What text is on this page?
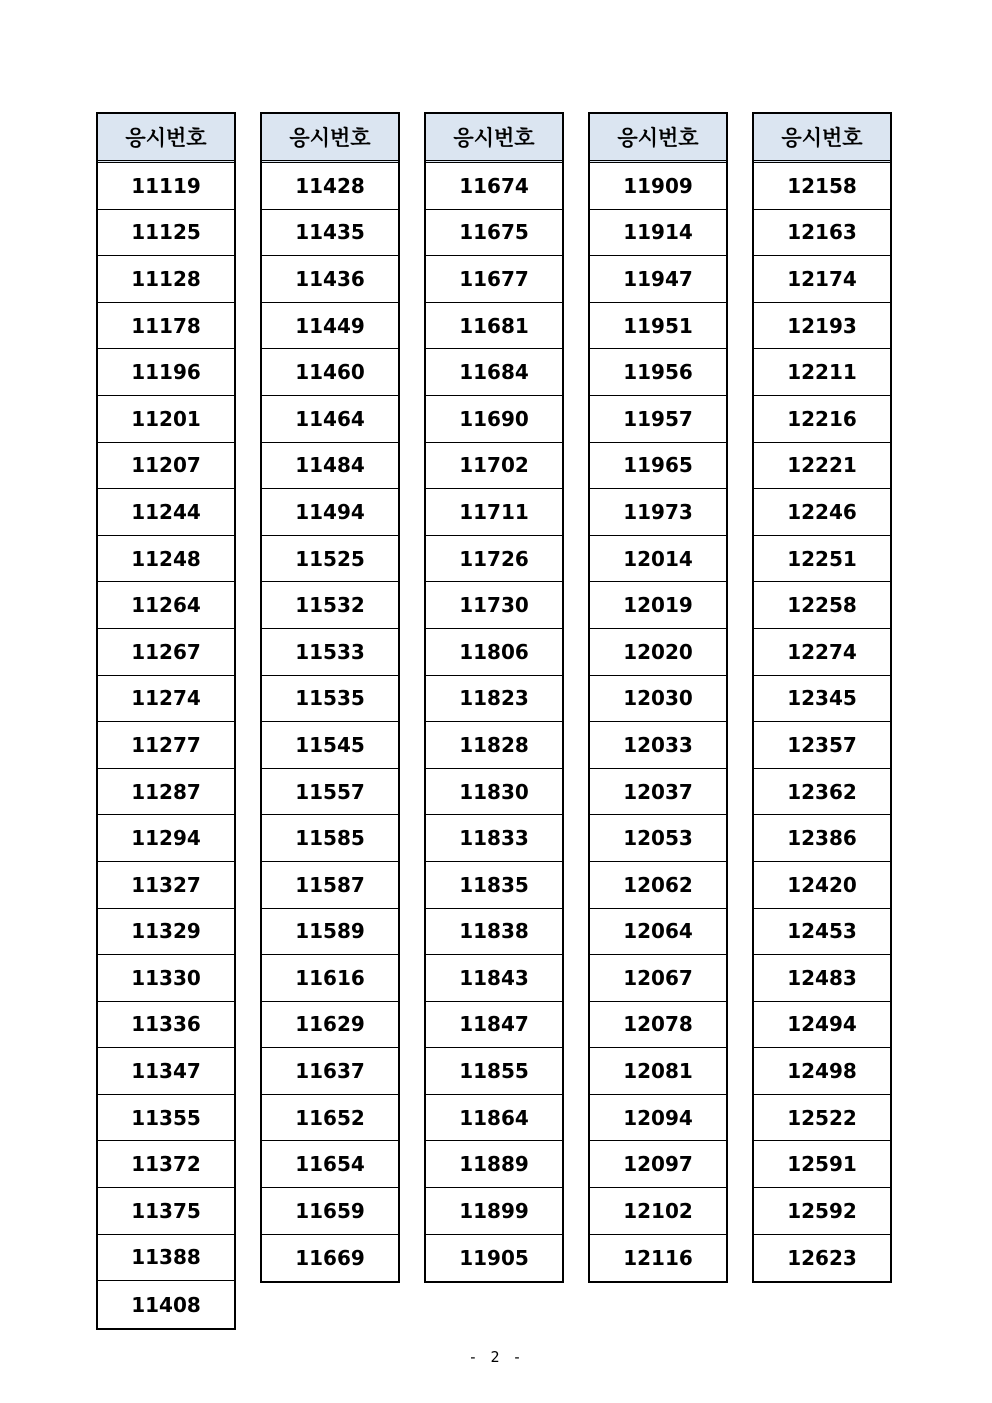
응시번호
11119
11125
11128
11178
11196
11201
11207
11244
11248
11264
11267
11274
11277
11287
11294
11327
11329
11330
11336
11347
11355
11372
11375
11388
11408
응시번호
11428
11435
11436
11449
11460
11464
11484
11494
11525
11532
11533
11535
11545
11557
11585
11587
11589
11616
11629
11637
11652
11654
11659
11669
응시번호
11674
11675
11677
11681
11684
11690
11702
11711
11726
11730
11806
11823
11828
11830
11833
11835
11838
11843
11847
11855
11864
11889
11899
11905
응시번호
11909
11914
11947
11951
11956
11957
11965
11973
12014
12019
12020
12030
12033
12037
12053
12062
12064
12067
12078
12081
12094
12097
12102
12116
응시번호
12158
12163
12174
12193
12211
12216
12221
12246
12251
12258
12274
12345
12357
12362
12386
12420
12453
12483
12494
12498
12522
12591
12592
12623
- 2 -
